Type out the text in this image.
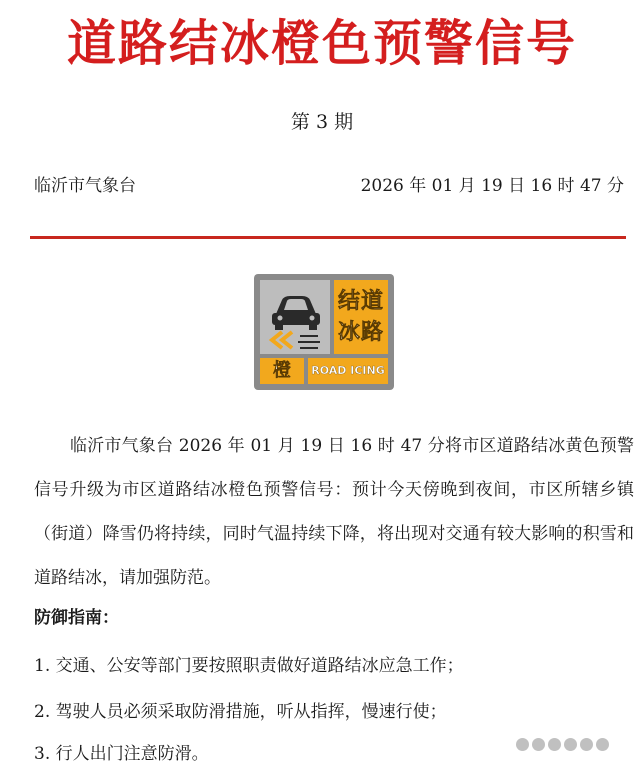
道路结冰橙色预警信号
第 3 期
临沂市气象台	2026 年 01 月 19 日 16 时 47 分
结道
冰路
橙	ROAD ICING
临沂市气象台 2026 年 01 月 19 日 16 时 47 分将市区道路结冰黄色预警信号升级为市区道路结冰橙色预警信号：预计今天傍晚到夜间，市区所辖乡镇（街道）降雪仍将持续，同时气温持续下降，将出现对交通有较大影响的积雪和道路结冰，请加强防范。
防御指南：
1. 交通、公安等部门要按照职责做好道路结冰应急工作；
2. 驾驶人员必须采取防滑措施，听从指挥，慢速行使；
3. 行人出门注意防滑。
